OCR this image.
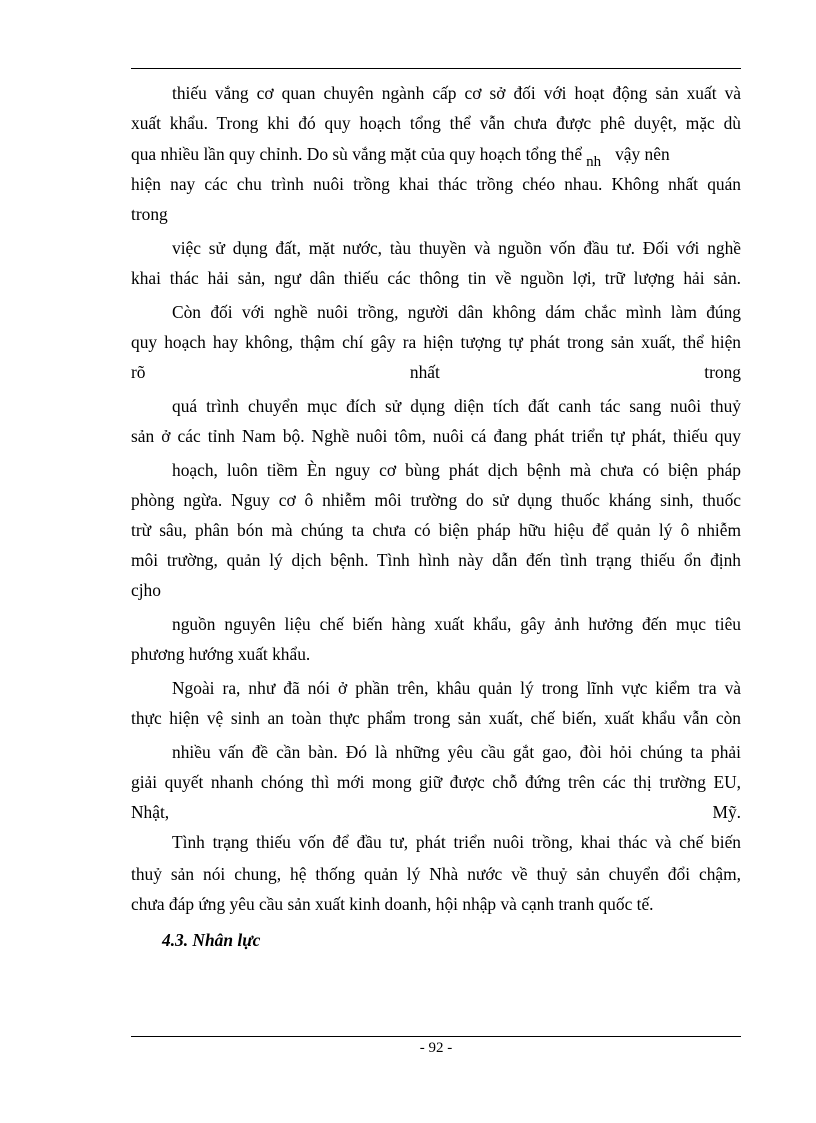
thiếu vắng cơ quan chuyên ngành cấp cơ sở đối với hoạt động sản xuất và
xuất khẩu. Trong khi đó quy hoạch tổng thể vẫn chưa được phê duyệt, mặc dù
qua nhiều lần quy chỉnh. Do sù vắng mặt của quy hoạch tổng thể nh vậy nên
hiện nay các chu trình nuôi trồng khai thác trồng chéo nhau. Không nhất quán
trong
việc sử dụng đất, mặt nước, tàu thuyền và nguồn vốn đầu tư. Đối với nghề
khai thác hải sản, ngư dân thiếu các thông tin về nguồn lợi, trữ lượng hải sản.
Còn đối với nghề nuôi trồng, người dân không dám chắc mình làm đúng
quy hoạch hay không, thậm chí gây ra hiện tượng tự phát trong sản xuất, thể hiện
rõ	nhất	trong
quá trình chuyển mục đích sử dụng diện tích đất canh tác sang nuôi thuỷ
sản ở các tỉnh Nam bộ. Nghề nuôi tôm, nuôi cá đang phát triển tự phát, thiếu quy
hoạch, luôn tiềm Èn nguy cơ bùng phát dịch bệnh mà chưa có biện pháp
phòng ngừa. Nguy cơ ô nhiễm môi trường do sử dụng thuốc kháng sinh, thuốc
trừ sâu, phân bón mà chúng ta chưa có biện pháp hữu hiệu để quản lý ô nhiễm
môi trường, quản lý dịch bệnh. Tình hình này dẫn đến tình trạng thiếu ổn định
cjho
nguồn nguyên liệu chế biến hàng xuất khẩu, gây ảnh hưởng đến mục tiêu
phương hướng xuất khẩu.
Ngoài ra, như đã nói ở phần trên, khâu quản lý trong lĩnh vực kiểm tra và
thực hiện vệ sinh an toàn thực phẩm trong sản xuất, chế biến, xuất khẩu vẫn còn
nhiều vấn đề cần bàn. Đó là những yêu cầu gắt gao, đòi hỏi chúng ta phải
giải quyết nhanh chóng thì mới mong giữ được chỗ đứng trên các thị trường EU,
Nhật,	Mỹ.
Tình trạng thiếu vốn để đầu tư, phát triển nuôi trồng, khai thác và chế biến
thuỷ sản nói chung, hệ thống quản lý Nhà nước về thuỷ sản chuyển đổi chậm,
chưa đáp ứng yêu cầu sản xuất kinh doanh, hội nhập và cạnh tranh quốc tế.
4.3. Nhân lực
- 92 -
